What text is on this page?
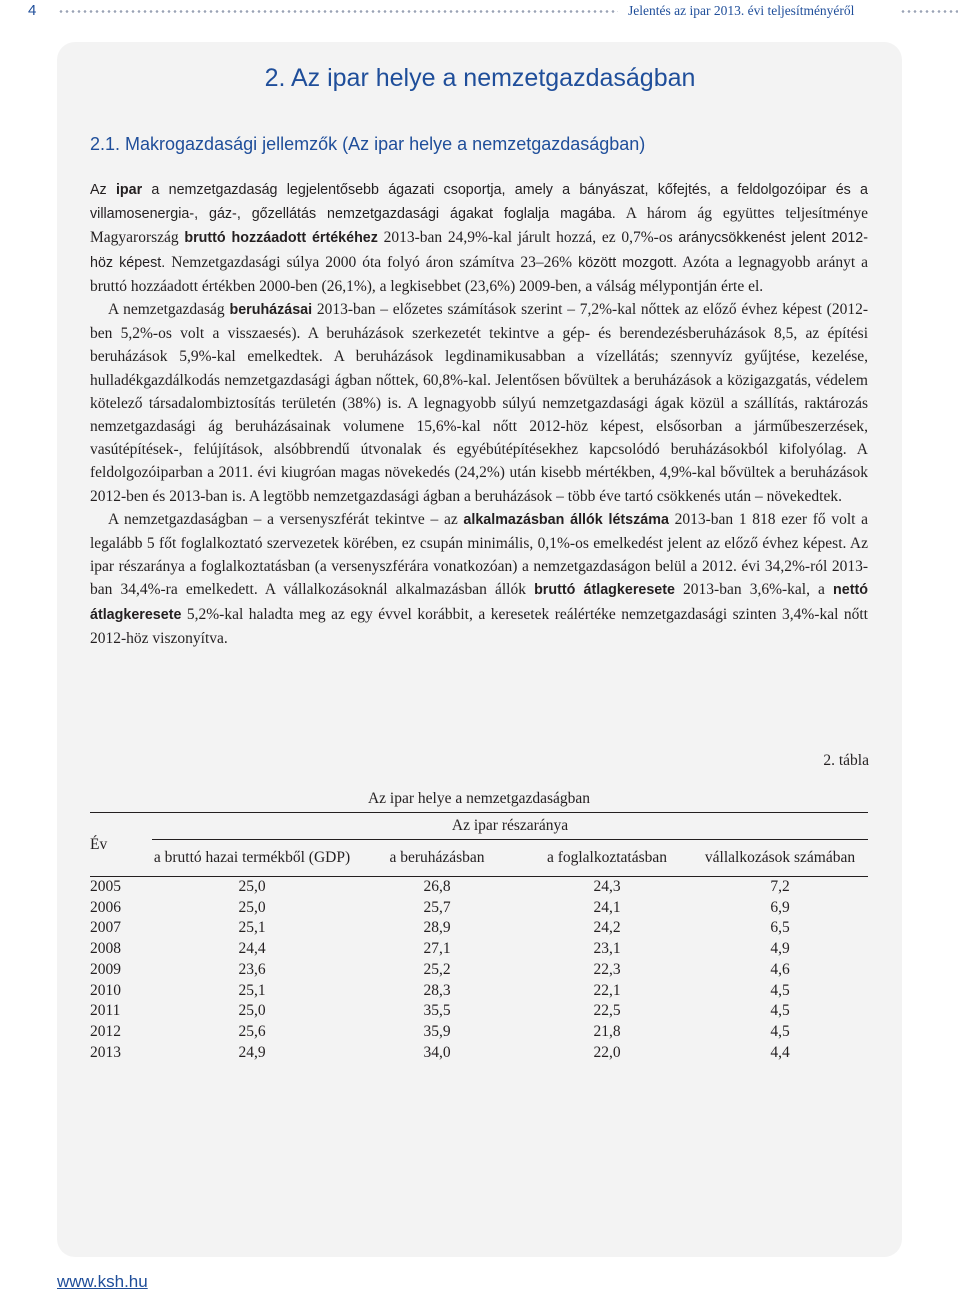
4	Jelentés az ipar 2013. évi teljesítményéről
2. Az ipar helye a nemzetgazdaságban
2.1. Makrogazdasági jellemzők (Az ipar helye a nemzetgazdaságban)

Az ipar a nemzetgazdaság legjelentősebb ágazati csoportja, amely a bányászat, kőfejtés, a feldolgozóipar és a villamosenergia-, gáz-, gőzellátás nemzetgazdasági ágakat foglalja magába. A három ág együttes teljesítménye Magyarország bruttó hozzáadott értékéhez 2013-ban 24,9%-kal járult hozzá, ez 0,7%-os aránycsökkenést jelent 2012-höz képest. Nemzetgazdasági súlya 2000 óta folyó áron számítva 23–26% között mozgott. Azóta a legnagyobb arányt a bruttó hozzáadott értékben 2000-ben (26,1%), a legkisebbet (23,6%) 2009-ben, a válság mélypontján érte el.

A nemzetgazdaság beruházásai 2013-ban – előzetes számítások szerint – 7,2%-kal nőttek az előző évhez képest (2012-ben 5,2%-os volt a visszaesés). A beruházások szerkezetét tekintve a gép- és berendezésberuházások 8,5, az építési beruházások 5,9%-kal emelkedtek. A beruházások legdinamikusabban a vízellátás; szennyvíz gyűjtése, kezelése, hulladékgazdálkodás nemzetgazdasági ágban nőttek, 60,8%-kal. Jelentősen bővültek a beruházások a közigazgatás, védelem kötelező társadalombiztosítás területén (38%) is. A legnagyobb súlyú nemzetgazdasági ágak közül a szállítás, raktározás nemzetgazdasági ág beruházásainak volumene 15,6%-kal nőtt 2012-höz képest, elsősorban a járműbeszerzések, vasútépítések-, felújítások, alsóbbrendű útvonalak és egyébútépítésekhez kapcsolódó beruházásokból kifolyólag. A feldolgozóiparban a 2011. évi kiugróan magas növekedés (24,2%) után kisebb mértékben, 4,9%-kal bővültek a beruházások 2012-ben és 2013-ban is. A legtöbb nemzetgazdasági ágban a beruházások – több éve tartó csökkenés után – növekedtek.

A nemzetgazdaságban – a versenyszférát tekintve – az alkalmazásban állók létszáma 2013-ban 1 818 ezer fő volt a legalább 5 főt foglalkoztató szervezetek körében, ez csupán minimális, 0,1%-os emelkedést jelent az előző évhez képest. Az ipar részaránya a foglalkoztatásban (a versenyszférára vonatkozóan) a nemzetgazdaságon belül a 2012. évi 34,2%-ról 2013-ban 34,4%-ra emelkedett. A vállalkozásoknál alkalmazásban állók bruttó átlagkeresete 2013-ban 3,6%-kal, a nettó átlagkeresete 5,2%-kal haladta meg az egy évvel korábbit, a keresetek reálértéke nemzetgazdasági szinten 3,4%-kal nőtt 2012-höz viszonyítva.

2. tábla
Az ipar helye a nemzetgazdaságban
Év	Az ipar részaránya			
	a bruttó hazai termékből (GDP)	a beruházásban	a foglalkoztatásban	vállalkozások számában
2005	25,0	26,8	24,3	7,2
2006	25,0	25,7	24,1	6,9
2007	25,1	28,9	24,2	6,5
2008	24,4	27,1	23,1	4,9
2009	23,6	25,2	22,3	4,6
2010	25,1	28,3	22,1	4,5
2011	25,0	35,5	22,5	4,5
2012	25,6	35,9	21,8	4,5
2013	24,9	34,0	22,0	4,4
www.ksh.hu
